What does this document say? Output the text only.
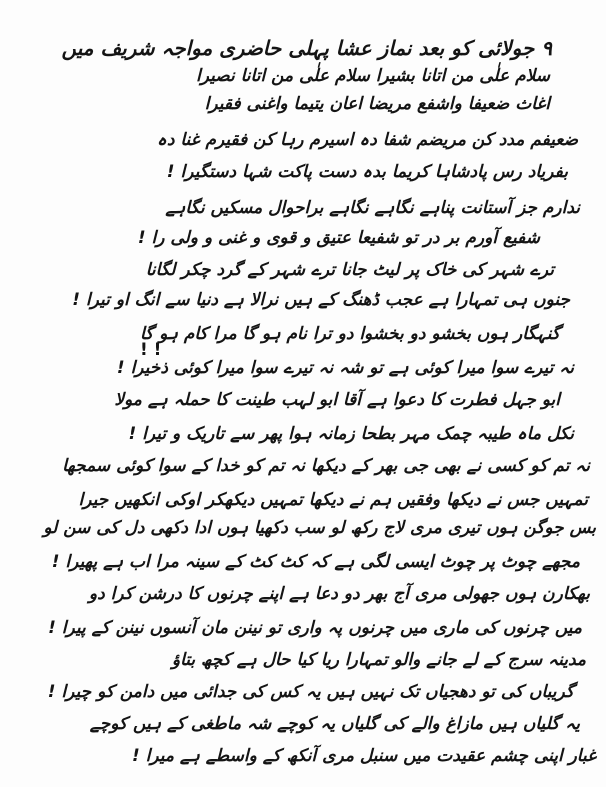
۹ جولائی کو بعد نماز عشا پہلی حاضری مواجہ شریف میں
سلام علٰی من اتانا بشیرا سلام علٰی من اتانا نصیرا
اغاث ضعیفا واشفع مریضا اعان یتیما واغنی فقیرا
ضعیفم مدد کن مریضم شفا دہ اسیرم رہا کن فقیرم غنا دہ
بفریاد رس پادشاہا کریما بدہ دست پاکت شہا دستگیرا !
ندارم جز آستانت پناہے نگاہے نگاہے براحوال مسکیں نگاہے
شفیع آورم بر در تو شفیعا عتیق و قوی و غنی و ولی را !
ترے شہر کی خاک پر لیٹ جانا ترے شہر کے گرد چکر لگانا
جنوں ہی تمہارا ہے عجب ڈھنگ کے ہیں نرالا ہے دنیا سے انگ او تیرا !
گنہگار ہوں بخشو دو بخشوا دو ترا نام ہو گا مرا کام ہو گا
! !
نہ تیرے سوا میرا کوئی ہے تو شہ نہ تیرے سوا میرا کوئی ذخیرا !
ابو جہل فطرت کا دعوا ہے آقا ابو لہب طینت کا حملہ ہے مولا
نکل ماہ طیبہ چمک مہر بطحا زمانہ ہوا پھر سے تاریک و تیرا !
نہ تم کو کسی نے بھی جی بھر کے دیکھا نہ تم کو خدا کے سوا کوئی سمجھا
تمہیں جس نے دیکھا وفقیں ہم نے دیکھا تمہیں دیکھکر اوکی انکھیں جیرا
بس جوگن ہوں تیری مری لاج رکھ لو سب دکھیا ہوں ادا دکھی دل کی سن لو
مجھے چوٹ پر چوٹ ایسی لگی ہے کہ کٹ کٹ کے سینہ مرا اب ہے پھیرا !
بھکارن ہوں جھولی مری آج بھر دو دعا ہے اپنے چرنوں کا درشن کرا دو
میں چرنوں کی ماری میں چرنوں پہ واری تو نینن مان آنسوں نینن کے پیرا !
مدینہ سرج کے لے جانے والو تمہارا ریا کیا حال ہے کچھ بتاؤ
گریباں کی تو دھجیاں تک نہیں ہیں یہ کس کی جدائی میں دامن کو چیرا !
یہ گلیاں ہیں مازاغ والے کی گلیاں یہ کوچے شہ ماطغی کے ہیں کوچے
غبار اپنی چشم عقیدت میں سنبل مری آنکھ کے واسطے ہے میرا !
